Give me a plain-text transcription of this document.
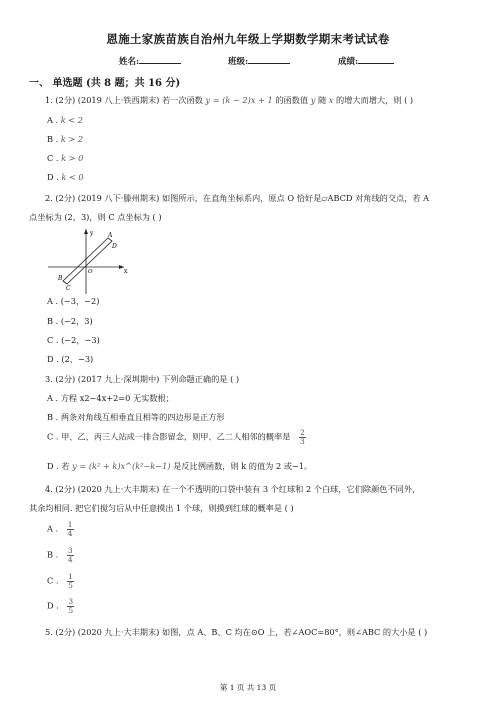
恩施土家族苗族自治州九年级上学期数学期末考试试卷
姓名:	班级:	成绩:
一、 单选题 (共 8 题；共 16 分)
1. (2分) (2019 八上·铁西期末) 若一次函数 y = (k − 2)x + 1 的函数值 y 随 x 的增大而增大，则 ( )
A . k < 2
B . k > 2
C . k > 0
D . k < 0
2. (2分) (2019 八下·滕州期末) 如图所示，在直角坐标系内，原点 O 恰好是▱ABCD 对角线的交点，若 A
点坐标为 (2，3)，则 C 点坐标为 ( )
y
x
A
D
B
C
O
A . (−3，−2)
B . (−2，3)
C . (−2，−3)
D . (2，−3)
3. (2分) (2017 九上·深圳期中) 下列命题正确的是 ( )
A . 方程 x2−4x+2=0 无实数根；
B . 两条对角线互相垂直且相等的四边形是正方形
C . 甲、乙、丙三人站成一排合影留念，则甲、乙二人相邻的概率是 $\frac{2}{3}$
D . 若 y = (k² + k)x^(k²−k−1) 是反比例函数，则 k 的值为 2 或−1。
4. (2分) (2020 九上·大丰期末) 在一个不透明的口袋中装有 3 个红球和 2 个白球，它们除颜色不同外，
其余均相同. 把它们搅匀后从中任意摸出 1 个球，则摸到红球的概率是 ( )
A . $\frac{1}{4}$
B . $\frac{3}{4}$
C . $\frac{1}{5}$
D . $\frac{3}{5}$
5. (2分) (2020 九上·大丰期末) 如图，点 A、B、C 均在⊙O 上，若∠AOC=80°，则∠ABC 的大小是 ( )
第 1 页 共 13 页
